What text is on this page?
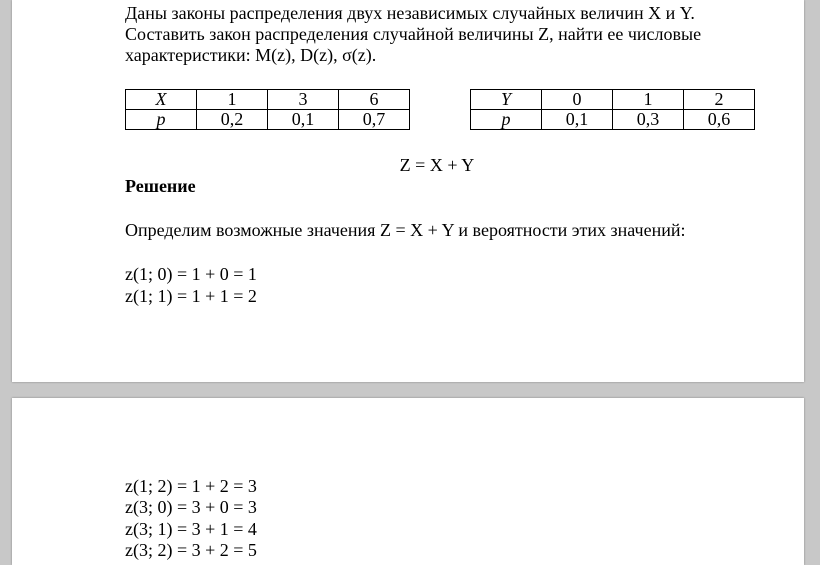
Даны законы распределения двух независимых случайных величин X и Y.
Составить закон распределения случайной величины Z, найти ее числовые
характеристики: M(z), D(z), σ(z).
X	1	3	6
p	0,2	0,1	0,7
Y	0	1	2
p	0,1	0,3	0,6
Z = X + Y
Решение
Определим возможные значения Z = X + Y и вероятности этих значений:
z(1; 0) = 1 + 0 = 1
z(1; 1) = 1 + 1 = 2
z(1; 2) = 1 + 2 = 3
z(3; 0) = 3 + 0 = 3
z(3; 1) = 3 + 1 = 4
z(3; 2) = 3 + 2 = 5
